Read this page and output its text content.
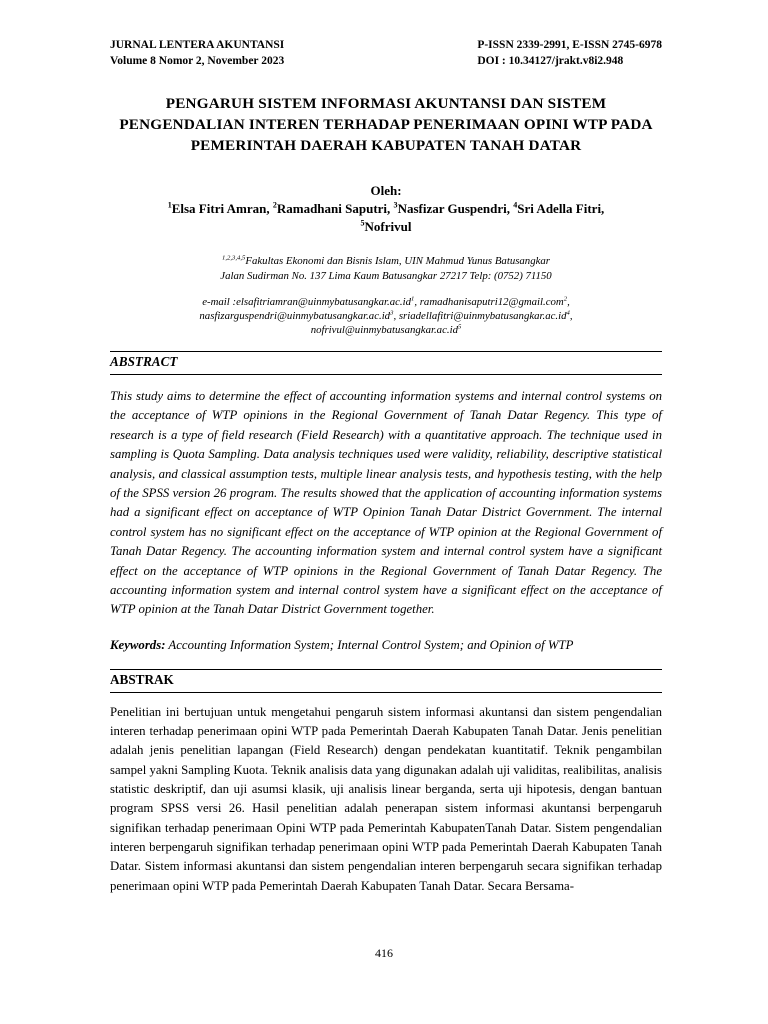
JURNAL LENTERA AKUNTANSI
Volume 8 Nomor 2, November 2023
P-ISSN 2339-2991, E-ISSN 2745-6978
DOI : 10.34127/jrakt.v8i2.948
PENGARUH SISTEM INFORMASI AKUNTANSI DAN SISTEM PENGENDALIAN INTEREN TERHADAP PENERIMAAN OPINI WTP PADA PEMERINTAH DAERAH KABUPATEN TANAH DATAR
Oleh:
$^1$Elsa Fitri Amran, $^2$Ramadhani Saputri, $^3$Nasfizar Guspendri, $^4$Sri Adella Fitri,
$^5$Nofrivul
$^{1,2,3,4,5}$Fakultas Ekonomi dan Bisnis Islam, UIN Mahmud Yunus Batusangkar
Jalan Sudirman No. 137 Lima Kaum Batusangkar 27217 Telp: (0752) 71150
e-mail $:elsafitriamran@uinmybatusangkar.ac.id^1$, ramadhanisaputri12@gmail.com$^2$,
$nasfizarguspendri@uinmybatusangkar.ac.id^3$, $sriadellafitri@uinmybatusangkar.ac.id^4$,
$nofrivul@uinmybatusangkar.ac.id^5$
ABSTRACT

This study aims to determine the effect of accounting information systems and internal control systems on the acceptance of WTP opinions in the Regional Government of Tanah Datar Regency. This type of research is a type of field research (Field Research) with a quantitative approach. The technique used in sampling is Quota Sampling. Data analysis techniques used were validity, reliability, descriptive statistical analysis, and classical assumption tests, multiple linear analysis tests, and hypothesis testing, with the help of the SPSS version 26 program. The results showed that the application of accounting information systems had a significant effect on acceptance of WTP Opinion Tanah Datar District Government. The internal control system has no significant effect on the acceptance of WTP opinion at the Regional Government of Tanah Datar Regency. The accounting information system and internal control system have a significant effect on the acceptance of WTP opinions in the Regional Government of Tanah Datar Regency. The accounting information system and internal control system have a significant effect on the acceptance of WTP opinion at the Tanah Datar District Government together.

Keywords: Accounting Information System; Internal Control System; and Opinion of WTP

ABSTRAK

Penelitian ini bertujuan untuk mengetahui pengaruh sistem informasi akuntansi dan sistem pengendalian interen terhadap penerimaan opini WTP pada Pemerintah Daerah Kabupaten Tanah Datar. Jenis penelitian adalah jenis penelitian lapangan (Field Research) dengan pendekatan kuantitatif. Teknik pengambilan sampel yakni Sampling Kuota. Teknik analisis data yang digunakan adalah uji validitas, realibilitas, analisis statistic deskriptif, dan uji asumsi klasik, uji analisis linear berganda, serta uji hipotesis, dengan bantuan program SPSS versi 26. Hasil penelitian adalah penerapan sistem informasi akuntansi berpengaruh signifikan terhadap penerimaan Opini WTP pada Pemerintah KabupatenTanah Datar. Sistem pengendalian interen berpengaruh signifikan terhadap penerimaan opini WTP pada Pemerintah Daerah Kabupaten Tanah Datar. Sistem informasi akuntansi dan sistem pengendalian interen berpengaruh secara signifikan terhadap penerimaan opini WTP pada Pemerintah Daerah Kabupaten Tanah Datar. Secara Bersama-

416
